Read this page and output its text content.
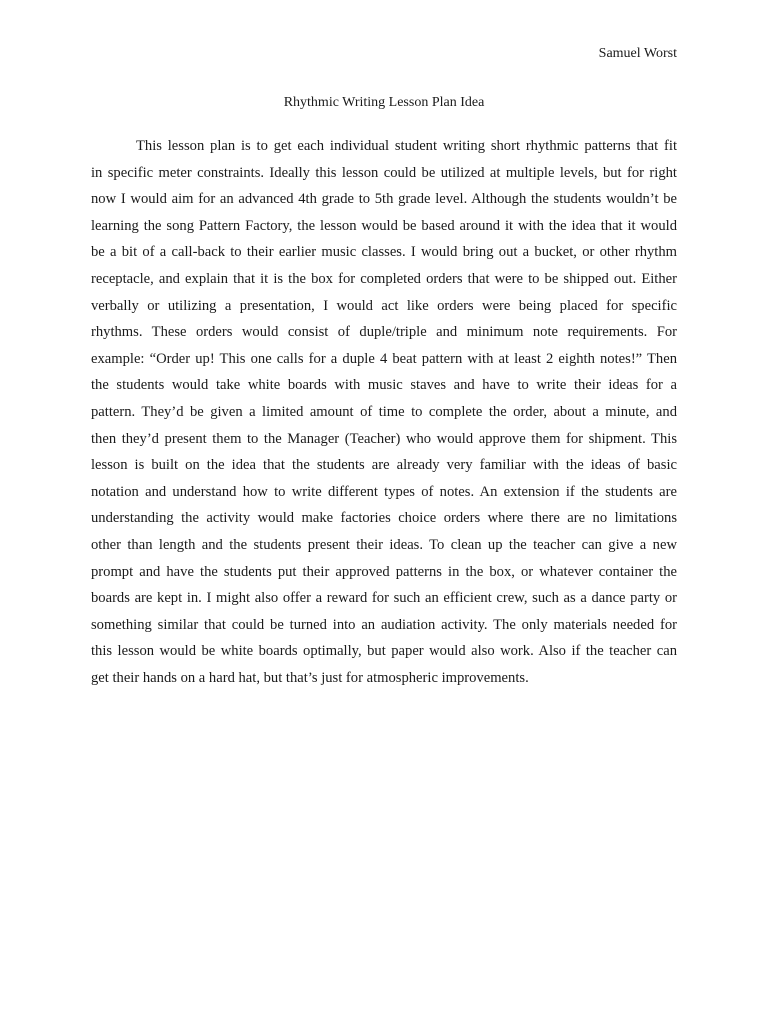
Samuel Worst
Rhythmic Writing Lesson Plan Idea
This lesson plan is to get each individual student writing short rhythmic patterns that fit
in specific meter constraints. Ideally this lesson could be utilized at multiple levels, but for right
now I would aim for an advanced 4th grade to 5th grade level. Although the students wouldn’t be
learning the song Pattern Factory, the lesson would be based around it with the idea that it would
be a bit of a call-back to their earlier music classes. I would bring out a bucket, or other rhythm
receptacle, and explain that it is the box for completed orders that were to be shipped out. Either
verbally or utilizing a presentation, I would act like orders were being placed for specific
rhythms. These orders would consist of duple/triple and minimum note requirements. For
example: “Order up! This one calls for a duple 4 beat pattern with at least 2 eighth notes!” Then
the students would take white boards with music staves and have to write their ideas for a
pattern. They’d be given a limited amount of time to complete the order, about a minute, and
then they’d present them to the Manager (Teacher) who would approve them for shipment. This
lesson is built on the idea that the students are already very familiar with the ideas of basic
notation and understand how to write different types of notes. An extension if the students are
understanding the activity would make factories choice orders where there are no limitations
other than length and the students present their ideas. To clean up the teacher can give a new
prompt and have the students put their approved patterns in the box, or whatever container the
boards are kept in. I might also offer a reward for such an efficient crew, such as a dance party or
something similar that could be turned into an audiation activity. The only materials needed for
this lesson would be white boards optimally, but paper would also work. Also if the teacher can
get their hands on a hard hat, but that’s just for atmospheric improvements.
